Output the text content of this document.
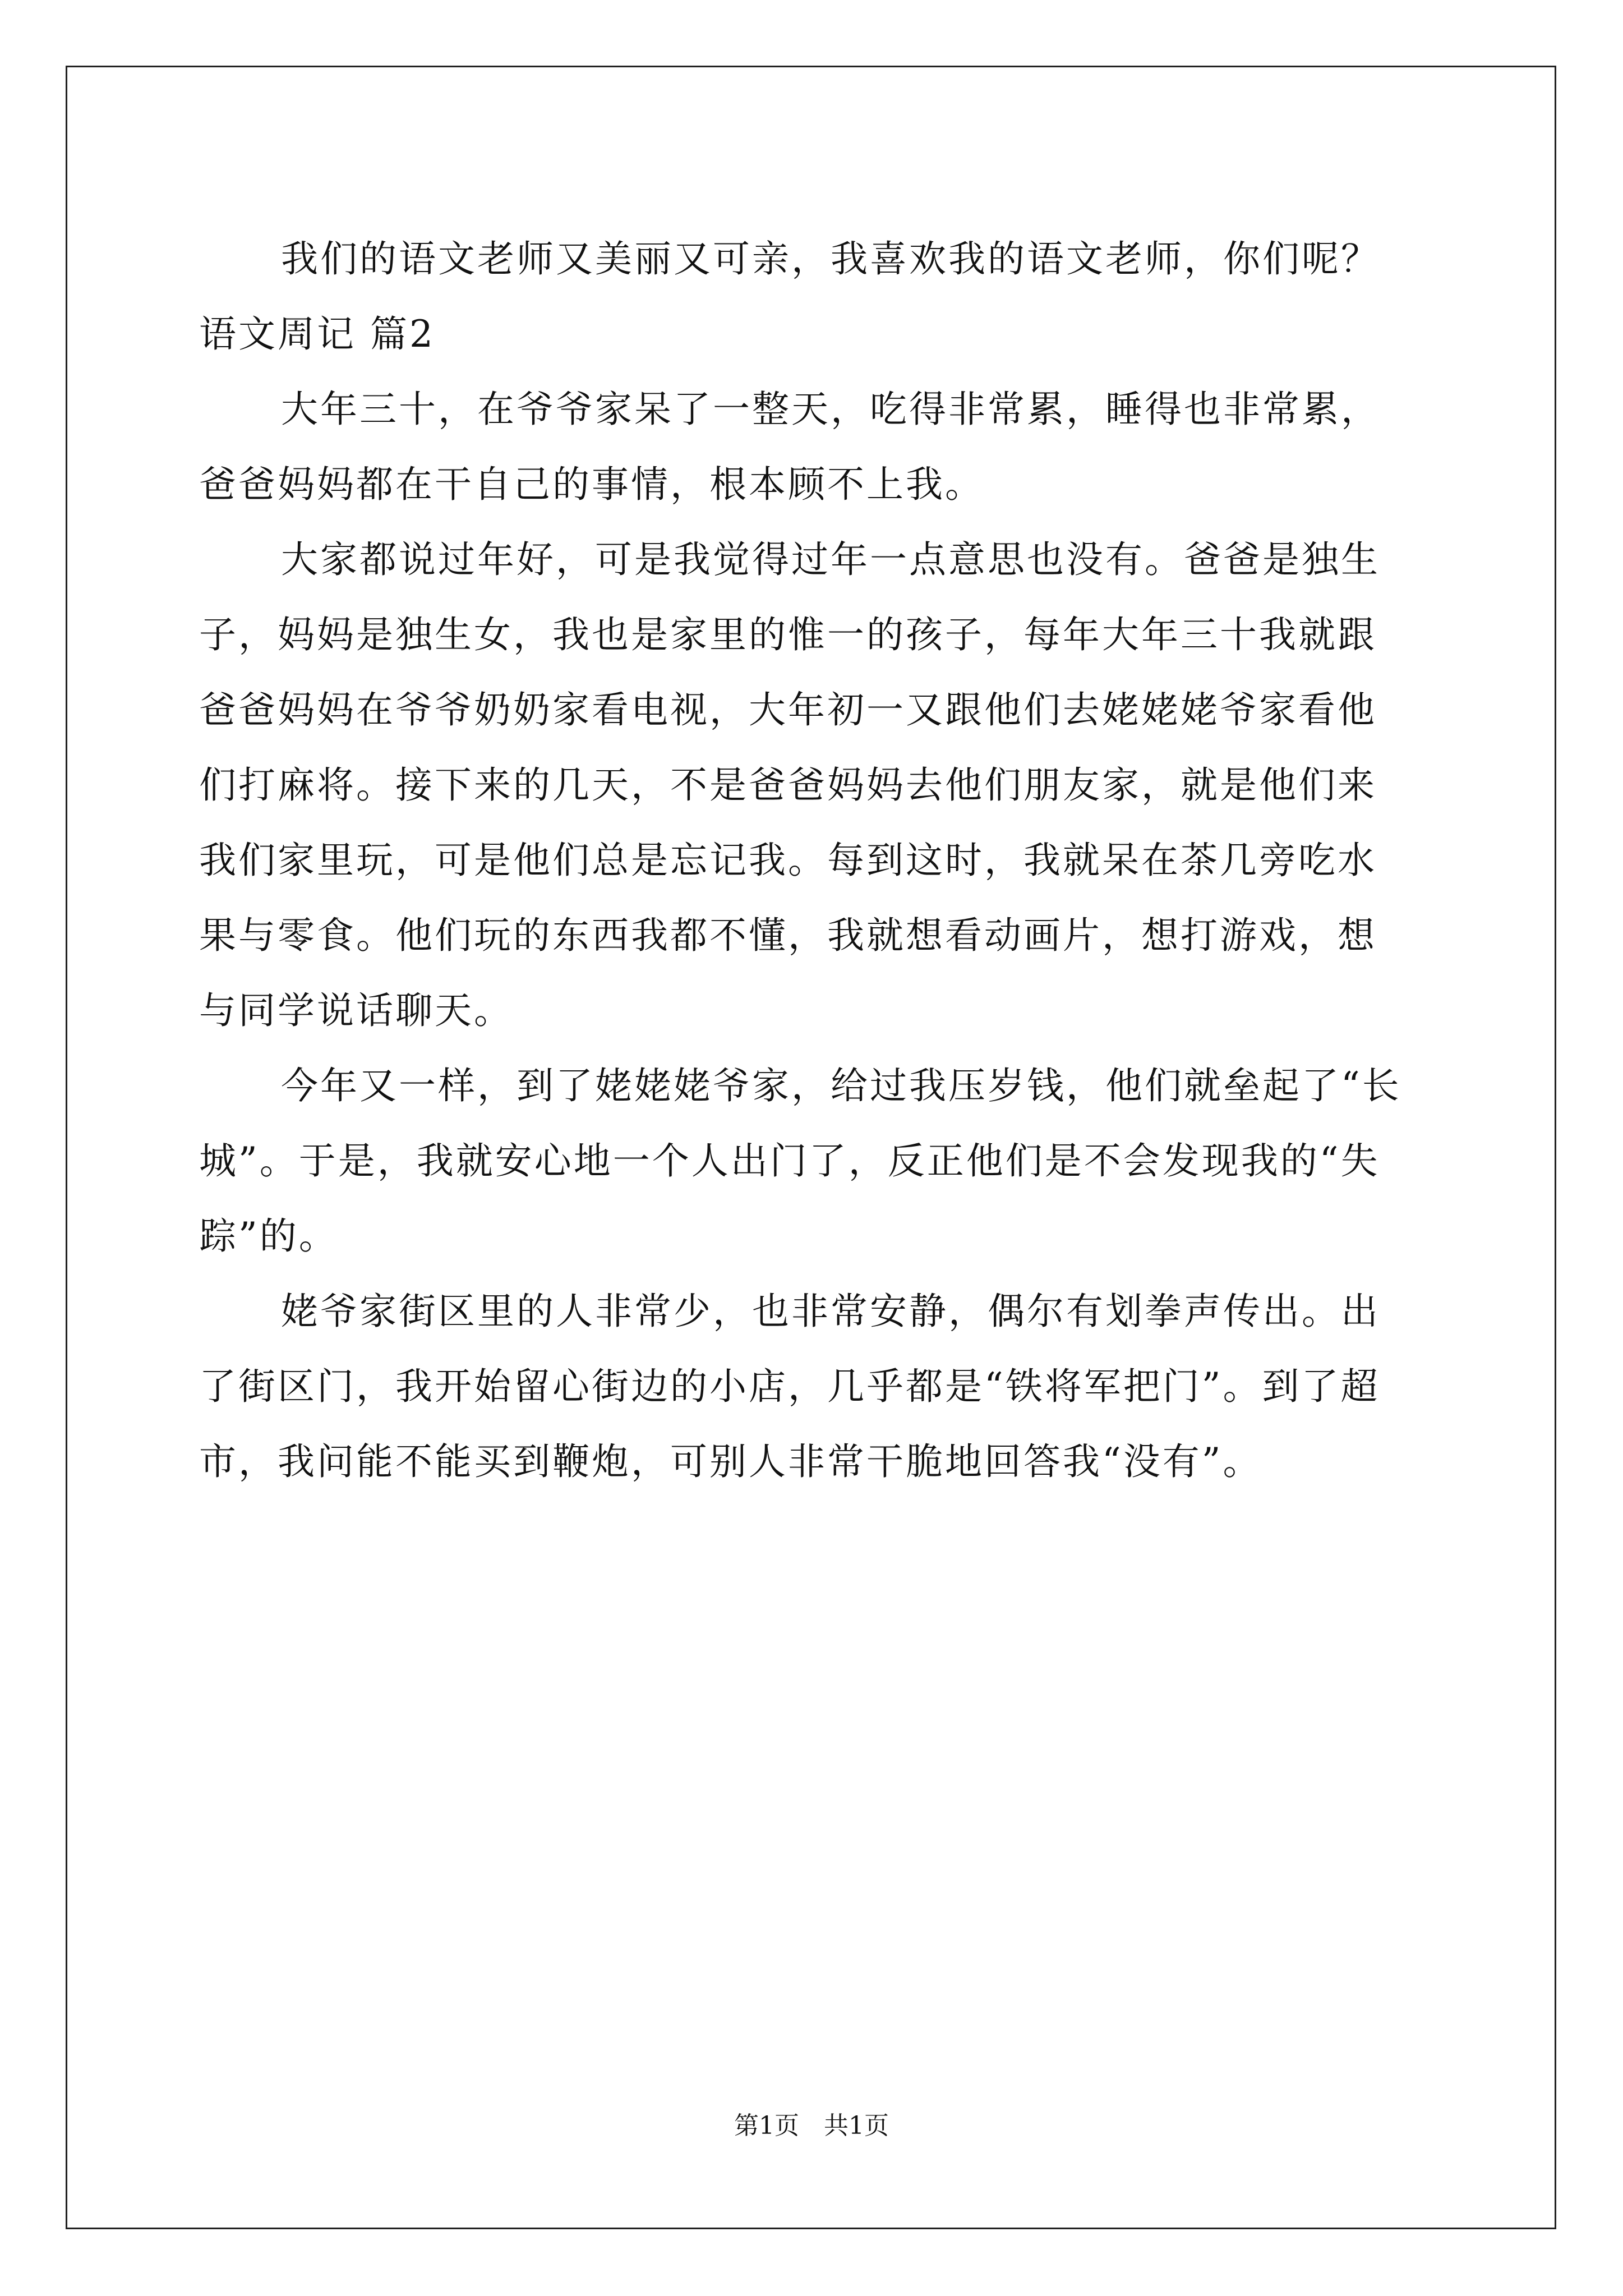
我们的语文老师又美丽又可亲，我喜欢我的语文老师，你们呢？
语文周记 篇2
大年三十，在爷爷家呆了一整天，吃得非常累，睡得也非常累，
爸爸妈妈都在干自己的事情，根本顾不上我。
大家都说过年好，可是我觉得过年一点意思也没有。爸爸是独生
子，妈妈是独生女，我也是家里的惟一的孩子，每年大年三十我就跟
爸爸妈妈在爷爷奶奶家看电视，大年初一又跟他们去姥姥姥爷家看他
们打麻将。接下来的几天，不是爸爸妈妈去他们朋友家，就是他们来
我们家里玩，可是他们总是忘记我。每到这时，我就呆在茶几旁吃水
果与零食。他们玩的东西我都不懂，我就想看动画片，想打游戏，想
与同学说话聊天。
今年又一样，到了姥姥姥爷家，给过我压岁钱，他们就垒起了“长
城”。于是，我就安心地一个人出门了，反正他们是不会发现我的“失
踪”的。
姥爷家街区里的人非常少，也非常安静，偶尔有划拳声传出。出
了街区门，我开始留心街边的小店，几乎都是“铁将军把门”。到了超
市，我问能不能买到鞭炮，可别人非常干脆地回答我“没有”。
第1页　共1页
